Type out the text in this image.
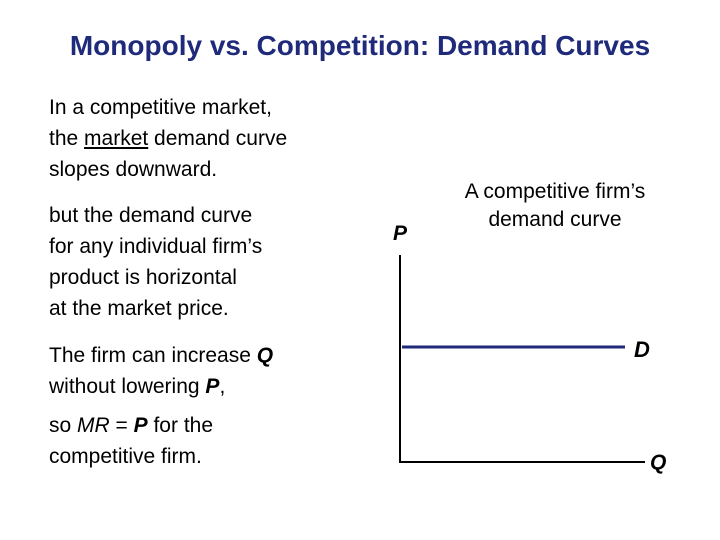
Monopoly vs. Competition: Demand Curves
In a competitive market,
the market demand curve
slopes downward.
but the demand curve
for any individual firm’s
product is horizontal
at the market price.
The firm can increase Q
without lowering P,
so MR = P for the
competitive firm.
A competitive firm’s
demand curve
P
D
Q
